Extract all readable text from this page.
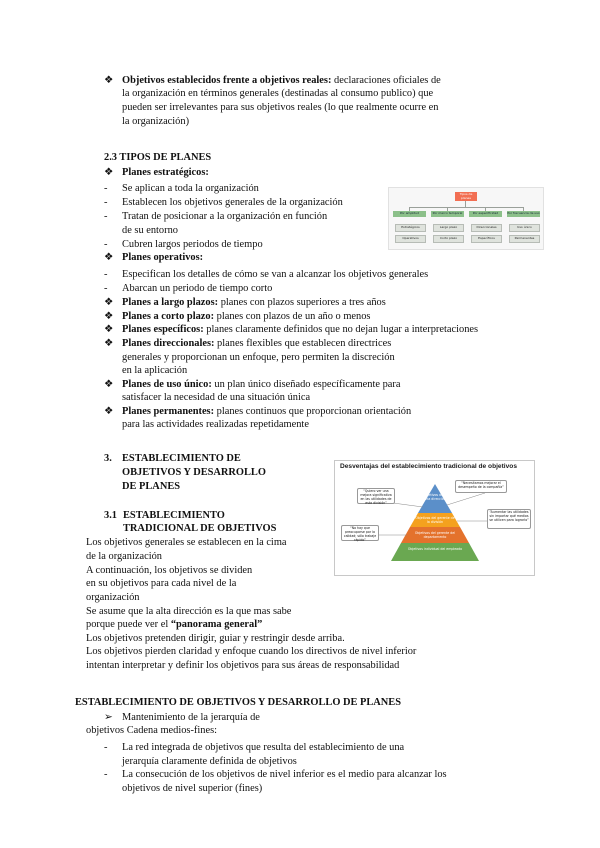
❖ Objetivos establecidos frente a objetivos reales: declaraciones oficiales de
la organización en términos generales (destinadas al consumo publico) que
pueden ser irrelevantes para sus objetivos reales (lo que realmente ocurre en
la organización)
2.3 TIPOS DE PLANES
❖ Planes estratégicos:
- Se aplican a toda la organización
- Establecen los objetivos generales de la organización
- Tratan de posicionar a la organización en función
de su entorno
- Cubren largos periodos de tiempo
❖ Planes operativos:
- Especifican los detalles de cómo se van a alcanzar los objetivos generales
- Abarcan un periodo de tiempo corto
❖ Planes a largo plazos: planes con plazos superiores a tres años
❖ Planes a corto plazo: planes con plazos de un año o menos
❖ Planes específicos: planes claramente definidos que no dejan lugar a interpretaciones
❖ Planes direccionales: planes flexibles que establecen directrices
generales y proporcionan un enfoque, pero permiten la discreción
en la aplicación
❖ Planes de uso único: un plan único diseñado específicamente para
satisfacer la necesidad de una situación única
❖ Planes permanentes: planes continuos que proporcionan orientación
para las actividades realizadas repetidamente
Tipos de planes
Por amplitud	Por marco temporal	Por especificidad	Por frecuencia de uso
Estratégicos
Operativos
Largo plazo
Corto plazo
Direccionales
Específicos
Uso único
Permanentes
3. ESTABLECIMIENTO DE
OBJETIVOS Y DESARROLLO
DE PLANES
3.1 ESTABLECIMIENTO
TRADICIONAL DE OBJETIVOS
Los objetivos generales se establecen en la cima
de la organización
A continuación, los objetivos se dividen
en su objetivos para cada nivel de la
organización
Se asume que la alta dirección es la que mas sabe
porque puede ver el “panorama general”
Los objetivos pretenden dirigir, guiar y restringir desde arriba.
Los objetivos pierden claridad y enfoque cuando los directivos de nivel inferior
intentan interpretar y definir los objetivos para sus áreas de responsabilidad
Desventajas del establecimiento tradicional de objetivos
Objetivos de la alta dirección
Objetivos del gerente de la división
Objetivos del gerente del departamento
Objetivos individual del empleado
“Quiero ver una mejora significativa en las utilidades de esta división”
“Necesitamos mejorar el desempeño de la compañía”
“Aumentar las utilidades sin importar qué medios se utilicen para lograrlo”
“No hay que preocuparse por la calidad; sólo trabaje rápido”
ESTABLECIMIENTO DE OBJETIVOS Y DESARROLLO DE PLANES
➢ Mantenimiento de la jerarquía de
objetivos Cadena medios-fines:
- La red integrada de objetivos que resulta del establecimiento de una
jerarquía claramente definida de objetivos
- La consecución de los objetivos de nivel inferior es el medio para alcanzar los
objetivos de nivel superior (fines)
